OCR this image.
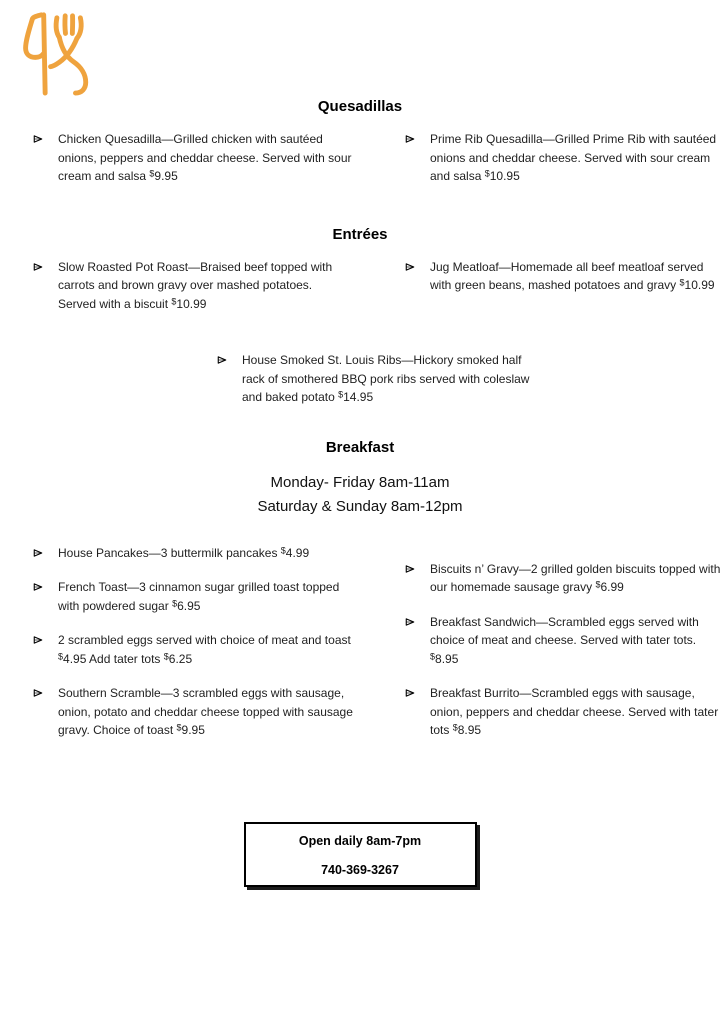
Quesadillas
Chicken Quesadilla—Grilled chicken with sautéed onions, peppers and cheddar cheese. Served with sour cream and salsa $9.95
Prime Rib Quesadilla—Grilled Prime Rib with sautéed onions and cheddar cheese. Served with sour cream and salsa $10.95
Entrées
Slow Roasted Pot Roast—Braised beef topped with carrots and brown gravy over mashed potatoes. Served with a biscuit $10.99
Jug Meatloaf—Homemade all beef meatloaf served with green beans, mashed potatoes and gravy $10.99
House Smoked St. Louis Ribs—Hickory smoked half rack of smothered BBQ pork ribs served with coleslaw and baked potato $14.95
Breakfast
Monday- Friday 8am-11am
Saturday & Sunday 8am-12pm
House Pancakes—3 buttermilk pancakes $4.99
French Toast—3 cinnamon sugar grilled toast topped with powdered sugar $6.95
2 scrambled eggs served with choice of meat and toast $4.95 Add tater tots $6.25
Southern Scramble—3 scrambled eggs with sausage, onion, potato and cheddar cheese topped with sausage gravy. Choice of toast $9.95
Biscuits n’ Gravy—2 grilled golden biscuits topped with our homemade sausage gravy $6.99
Breakfast Sandwich—Scrambled eggs served with choice of meat and cheese. Served with tater tots. $8.95
Breakfast Burrito—Scrambled eggs with sausage, onion, peppers and cheddar cheese. Served with tater tots $8.95
Open daily 8am-7pm
740-369-3267
